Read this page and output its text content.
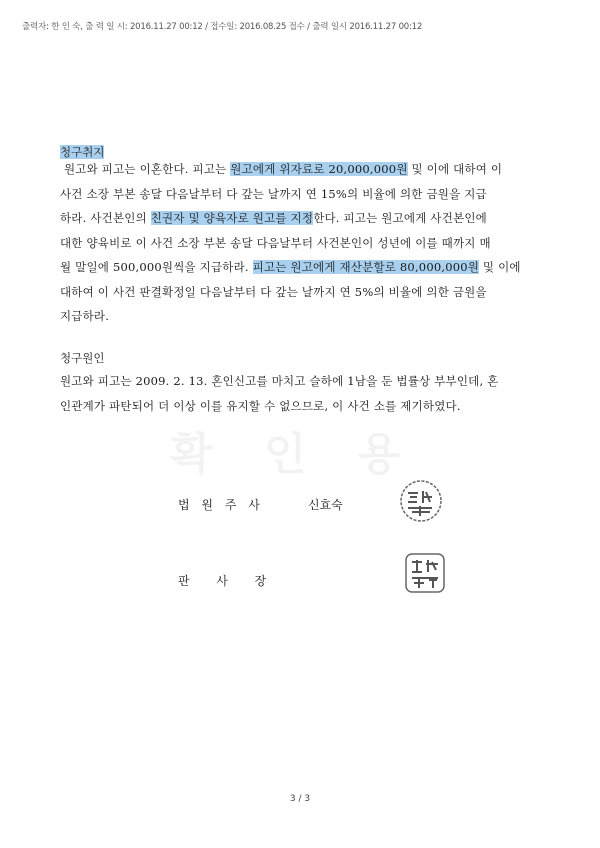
출력자: 한 인 숙, 출 력 일 시: 2016.11.27 00:12 / 접수일: 2016.08.25 접수 / 출력 일시 2016.11.27 00:12
확 인 용
청구취지
원고와 피고는 이혼한다. 피고는 원고에게 위자료로 20,000,000원 및 이에 대하여 이
사건 소장 부본 송달 다음날부터 다 갚는 날까지 연 15%의 비율에 의한 금원을 지급
하라. 사건본인의 친권자 및 양육자로 원고를 지정한다. 피고는 원고에게 사건본인에
대한 양육비로 이 사건 소장 부본 송달 다음날부터 사건본인이 성년에 이를 때까지 매
월 말일에 500,000원씩을 지급하라. 피고는 원고에게 재산분할로 80,000,000원 및 이에
대하여 이 사건 판결확정일 다음날부터 다 갚는 날까지 연 5%의 비율에 의한 금원을
지급하라.
청구원인
원고와 피고는 2009. 2. 13. 혼인신고를 마치고 슬하에 1남을 둔 법률상 부부인데, 혼
인관계가 파탄되어 더 이상 이를 유지할 수 없으므로, 이 사건 소를 제기하였다.
법 원 주 사	신효숙
판       사       장
3 / 3
